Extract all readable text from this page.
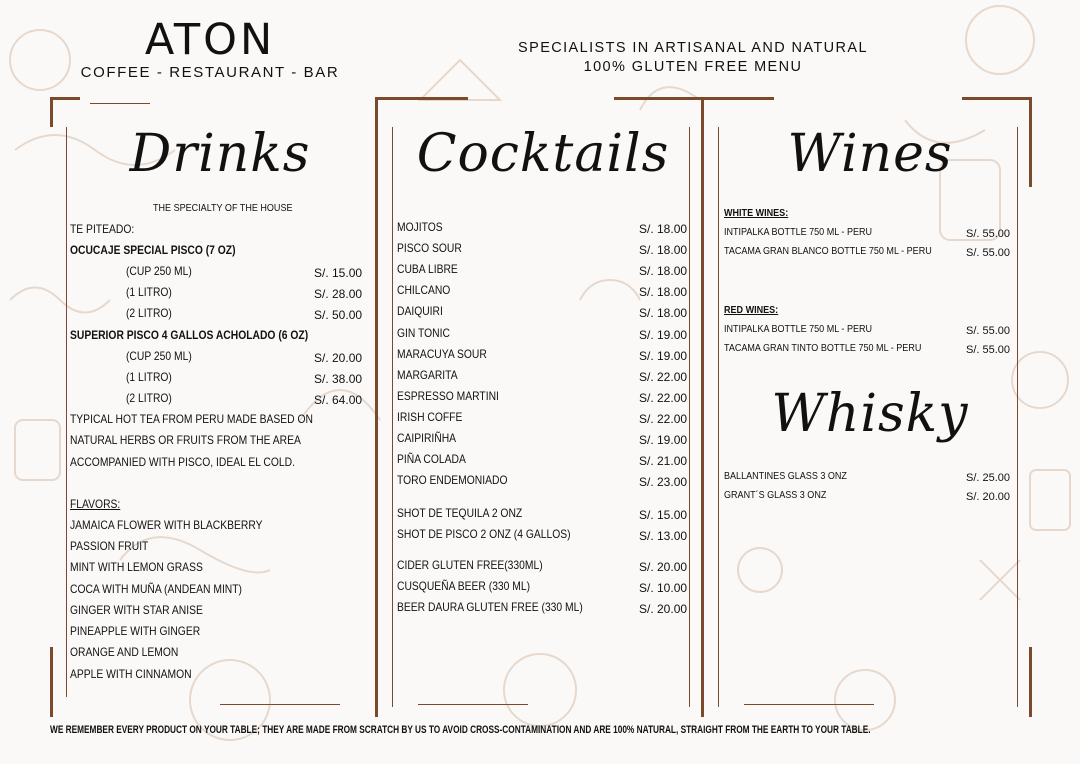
ATON
COFFEE - RESTAURANT - BAR
SPECIALISTS IN ARTISANAL AND NATURAL
100% GLUTEN FREE MENU
Drinks
THE SPECIALTY OF THE HOUSE
TE PITEADO:
OCUCAJE SPECIAL PISCO (7 OZ)
(CUP 250 ML)	S/. 15.00
(1 LITRO)	S/. 28.00
(2 LITRO)	S/. 50.00
SUPERIOR PISCO 4 GALLOS ACHOLADO (6 OZ)
(CUP 250 ML)	S/. 20.00
(1 LITRO)	S/. 38.00
(2 LITRO)	S/. 64.00
TYPICAL HOT TEA FROM PERU MADE BASED ON
NATURAL HERBS OR FRUITS FROM THE AREA
ACCOMPANIED WITH PISCO, IDEAL EL COLD.
FLAVORS:
JAMAICA FLOWER WITH BLACKBERRY
PASSION FRUIT
MINT WITH LEMON GRASS
COCA WITH MUÑA (ANDEAN MINT)
GINGER WITH STAR ANISE
PINEAPPLE WITH GINGER
ORANGE AND LEMON
APPLE WITH CINNAMON
Cocktails
MOJITOS	S/. 18.00
PISCO SOUR	S/. 18.00
CUBA LIBRE	S/. 18.00
CHILCANO	S/. 18.00
DAIQUIRI	S/. 18.00
GIN TONIC	S/. 19.00
MARACUYA SOUR	S/. 19.00
MARGARITA	S/. 22.00
ESPRESSO MARTINI	S/. 22.00
IRISH COFFE	S/. 22.00
CAIPIRIÑHA	S/. 19.00
PIÑA COLADA	S/. 21.00
TORO ENDEMONIADO	S/. 23.00
SHOT DE TEQUILA 2 ONZ	S/. 15.00
SHOT DE PISCO 2 ONZ (4 GALLOS)	S/. 13.00
CIDER GLUTEN FREE(330ML)	S/. 20.00
CUSQUEÑA BEER (330 ML)	S/. 10.00
BEER DAURA GLUTEN FREE (330 ML)	S/. 20.00
Wines
WHITE WINES:
INTIPALKA BOTTLE 750 ML - PERU	S/. 55.00
TACAMA GRAN BLANCO BOTTLE 750 ML - PERU	S/. 55.00
RED WINES:
INTIPALKA BOTTLE 750 ML - PERU	S/. 55.00
TACAMA GRAN TINTO BOTTLE 750 ML - PERU	S/. 55.00
Whisky
BALLANTINES GLASS 3 ONZ	S/. 25.00
GRANT´S GLASS 3 ONZ	S/. 20.00
WE REMEMBER EVERY PRODUCT ON YOUR TABLE; THEY ARE MADE FROM SCRATCH BY US TO AVOID CROSS-CONTAMINATION AND ARE 100% NATURAL, STRAIGHT FROM THE EARTH TO YOUR TABLE.
